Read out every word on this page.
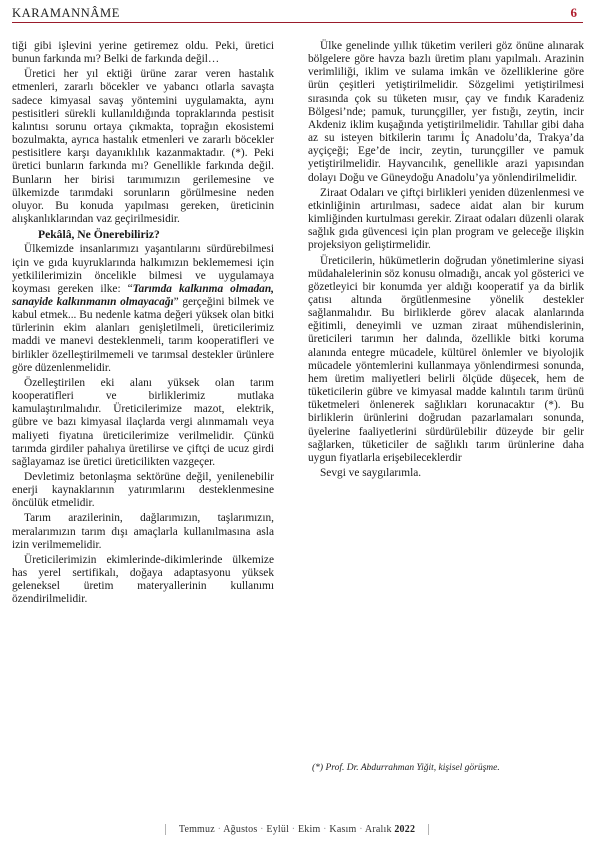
KARAMANNÂME	6

tiği gibi işlevini yerine getiremez oldu. Peki, üretici bunun farkında mı? Belki de farkında değil…

Üretici her yıl ektiği ürüne zarar veren hastalık etmenleri, zararlı böcekler ve yabancı otlarla savaşta sadece kimyasal savaş yöntemini uygulamakta, aynı pestisitleri sürekli kullanıldığında topraklarında pestisit kalıntısı sorunu ortaya çıkmakta, toprağın ekosistemi bozulmakta, ayrıca hastalık etmenleri ve zararlı böcekler pestisitlere karşı dayanıklılık kazanmaktadır. (*). Peki üretici bunların farkında mı? Genellikle farkında değil. Bunların her birisi tarımımızın gerilemesine ve ülkemizde tarımdaki sorunların görülmesine neden oluyor. Bu konuda yapılması gereken, üreticinin alışkanlıklarından vaz geçirilmesidir.

Pekâlâ, Ne Önerebiliriz?

Ülkemizde insanlarımızı yaşantılarını sürdürebilmesi için ve gıda kuyruklarında halkımızın beklememesi için yetkililerimizin öncelikle bilmesi ve uygulamaya koyması gereken ilke: “Tarımda kalkınma olmadan, sanayide kalkınmanın olmayacağı” gerçeğini bilmek ve kabul etmek... Bu nedenle katma değeri yüksek olan bitki türlerinin ekim alanları genişletilmeli, üreticilerimiz maddi ve manevi desteklenmeli, tarım kooperatifleri ve birlikler özelleştirilmemeli ve tarımsal destekler ürünlere göre düzenlenmelidir.

Özelleştirilen eki alanı yüksek olan tarım kooperatifleri ve birliklerimiz mutlaka kamulaştırılmalıdır. Üreticilerimize mazot, elektrik, gübre ve bazı kimyasal ilaçlarda vergi alınmamalı veya maliyeti fiyatına üreticilerimize verilmelidir. Çünkü tarımda girdiler pahalıya üretilirse ve çiftçi de ucuz girdi sağlayamaz ise üretici üreticilikten vazgeçer.

Devletimiz betonlaşma sektörüne değil, yenilenebilir enerji kaynaklarının yatırımlarını desteklenmesine öncülük etmelidir.

Tarım arazilerinin, dağlarımızın, taşlarımızın, meralarımızın tarım dışı amaçlarla kullanılmasına asla izin verilmemelidir.

Üreticilerimizin ekimlerinde-dikimlerinde ülkemize has yerel sertifikalı, doğaya adaptasyonu yüksek geleneksel üretim materyallerinin kullanımı özendirilmelidir.

Ülke genelinde yıllık tüketim verileri göz önüne alınarak bölgelere göre havza bazlı üretim planı yapılmalı. Arazinin verimliliği, iklim ve sulama imkân ve özelliklerine göre ürün çeşitleri yetiştirilmelidir. Sözgelimi yetiştirilmesi sırasında çok su tüketen mısır, çay ve fındık Karadeniz Bölgesi’nde; pamuk, turunçgiller, yer fıstığı, zeytin, incir Akdeniz iklim kuşağında yetiştirilmelidir. Tahıllar gibi daha az su isteyen bitkilerin tarımı İç Anadolu’da, Trakya’da ayçiçeği; Ege’de incir, zeytin, turunçgiller ve pamuk yetiştirilmelidir. Hayvancılık, genellikle arazi yapısından dolayı Doğu ve Güneydoğu Anadolu’ya yönlendirilmelidir.

Ziraat Odaları ve çiftçi birlikleri yeniden düzenlenmesi ve etkinliğinin artırılması, sadece aidat alan bir kurum kimliğinden kurtulması gerekir. Ziraat odaları düzenli olarak sağlık gıda güvencesi için plan program ve geleceğe ilişkin projeksiyon geliştirmelidir.

Üreticilerin, hükümetlerin doğrudan yönetimlerine siyasi müdahalelerinin söz konusu olmadığı, ancak yol gösterici ve gözetleyici bir konumda yer aldığı kooperatif ya da birlik çatısı altında örgütlenmesine yönelik destekler sağlanmalıdır. Bu birliklerde görev alacak alanlarında eğitimli, deneyimli ve uzman ziraat mühendislerinin, üreticileri tarımın her dalında, özellikle bitki koruma alanında entegre mücadele, kültürel önlemler ve biyolojik mücadele yöntemlerini kullanmaya yönlendirmesi sonunda, hem üretim maliyetleri belirli ölçüde düşecek, hem de tüketicilerin gübre ve kimyasal madde kalıntılı tarım ürünü tüketmeleri önlenerek sağlıkları korunacaktır (*). Bu birliklerin ürünlerini doğrudan pazarlamaları sonunda, üyelerine faaliyetlerini sürdürülebilir düzeyde bir gelir sağlarken, tüketiciler de sağlıklı tarım ürünlerine daha uygun fiyatlarla erişebileceklerdir

Sevgi ve saygılarımla.

(*) Prof. Dr. Abdurrahman Yiğit, kişisel görüşme.
Temmuz · Ağustos · Eylül · Ekim · Kasım · Aralık 2022
